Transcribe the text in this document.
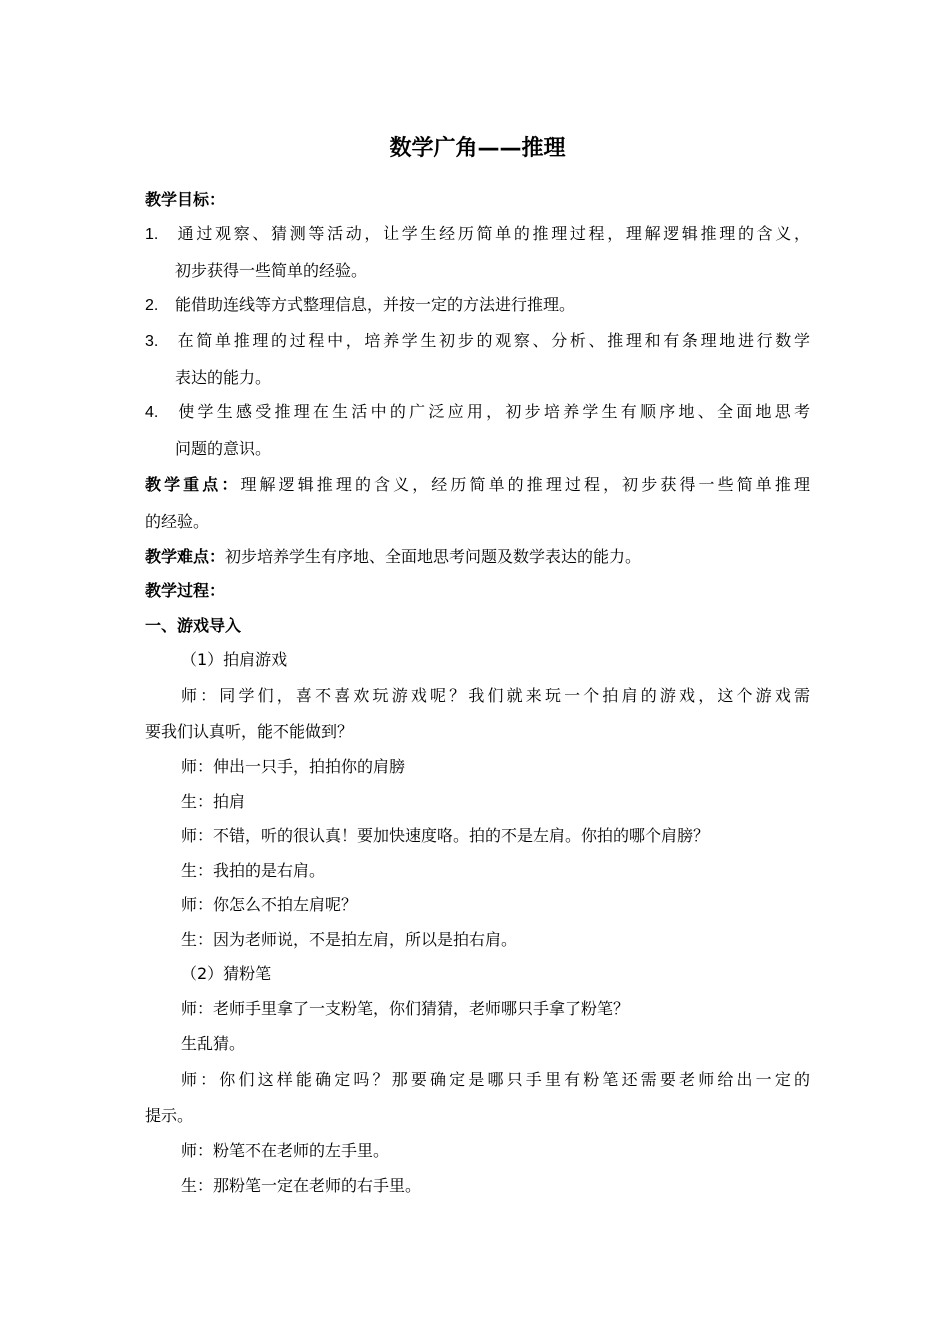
数学广角——推理
教学目标：
1. 通过观察、猜测等活动，让学生经历简单的推理过程，理解逻辑推理的含义，
初步获得一些简单的经验。
2. 能借助连线等方式整理信息，并按一定的方法进行推理。
3. 在简单推理的过程中，培养学生初步的观察、分析、推理和有条理地进行数学
表达的能力。
4. 使学生感受推理在生活中的广泛应用，初步培养学生有顺序地、全面地思考
问题的意识。
教学重点：理解逻辑推理的含义，经历简单的推理过程，初步获得一些简单推理
的经验。
教学难点：初步培养学生有序地、全面地思考问题及数学表达的能力。
教学过程：
一、游戏导入
（1）拍肩游戏
师：同学们，喜不喜欢玩游戏呢？我们就来玩一个拍肩的游戏，这个游戏需
要我们认真听，能不能做到？
师：伸出一只手，拍拍你的肩膀
生：拍肩
师：不错，听的很认真！要加快速度咯。拍的不是左肩。你拍的哪个肩膀？
生：我拍的是右肩。
师：你怎么不拍左肩呢？
生：因为老师说，不是拍左肩，所以是拍右肩。
（2）猜粉笔
师：老师手里拿了一支粉笔，你们猜猜，老师哪只手拿了粉笔？
生乱猜。
师：你们这样能确定吗？那要确定是哪只手里有粉笔还需要老师给出一定的
提示。
师：粉笔不在老师的左手里。
生：那粉笔一定在老师的右手里。
